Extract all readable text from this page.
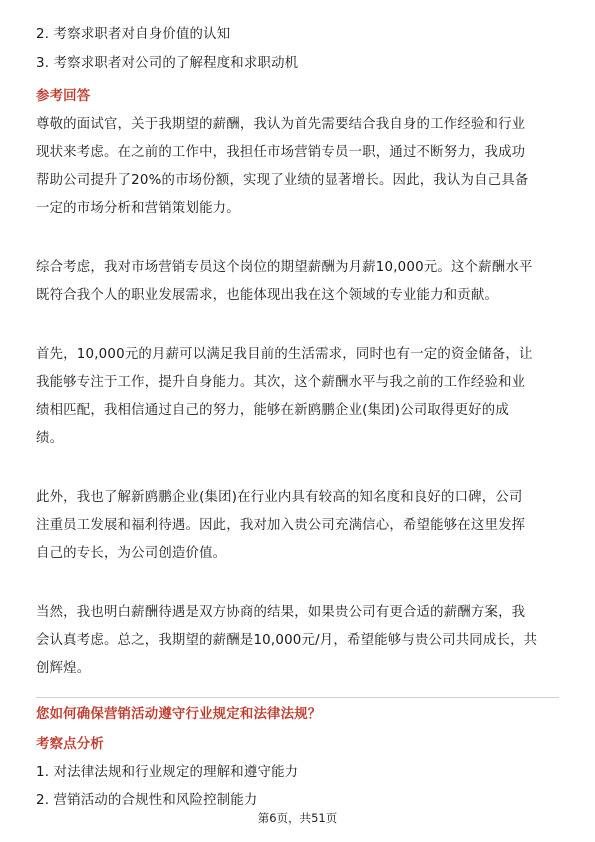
2. 考察求职者对自身价值的认知
3. 考察求职者对公司的了解程度和求职动机
参考回答
尊敬的面试官，关于我期望的薪酬，我认为首先需要结合我自身的工作经验和行业
现状来考虑。在之前的工作中，我担任市场营销专员一职，通过不断努力，我成功
帮助公司提升了20%的市场份额，实现了业绩的显著增长。因此，我认为自己具备
一定的市场分析和营销策划能力。
综合考虑，我对市场营销专员这个岗位的期望薪酬为月薪10,000元。这个薪酬水平
既符合我个人的职业发展需求，也能体现出我在这个领域的专业能力和贡献。
首先，10,000元的月薪可以满足我目前的生活需求，同时也有一定的资金储备，让
我能够专注于工作，提升自身能力。其次，这个薪酬水平与我之前的工作经验和业
绩相匹配，我相信通过自己的努力，能够在新鸥鹏企业(集团)公司取得更好的成
绩。
此外，我也了解新鸥鹏企业(集团)在行业内具有较高的知名度和良好的口碑，公司
注重员工发展和福利待遇。因此，我对加入贵公司充满信心，希望能够在这里发挥
自己的专长，为公司创造价值。
当然，我也明白薪酬待遇是双方协商的结果，如果贵公司有更合适的薪酬方案，我
会认真考虑。总之，我期望的薪酬是10,000元/月，希望能够与贵公司共同成长，共
创辉煌。
您如何确保营销活动遵守行业规定和法律法规？
考察点分析
1. 对法律法规和行业规定的理解和遵守能力
2. 营销活动的合规性和风险控制能力
第6页，共51页
